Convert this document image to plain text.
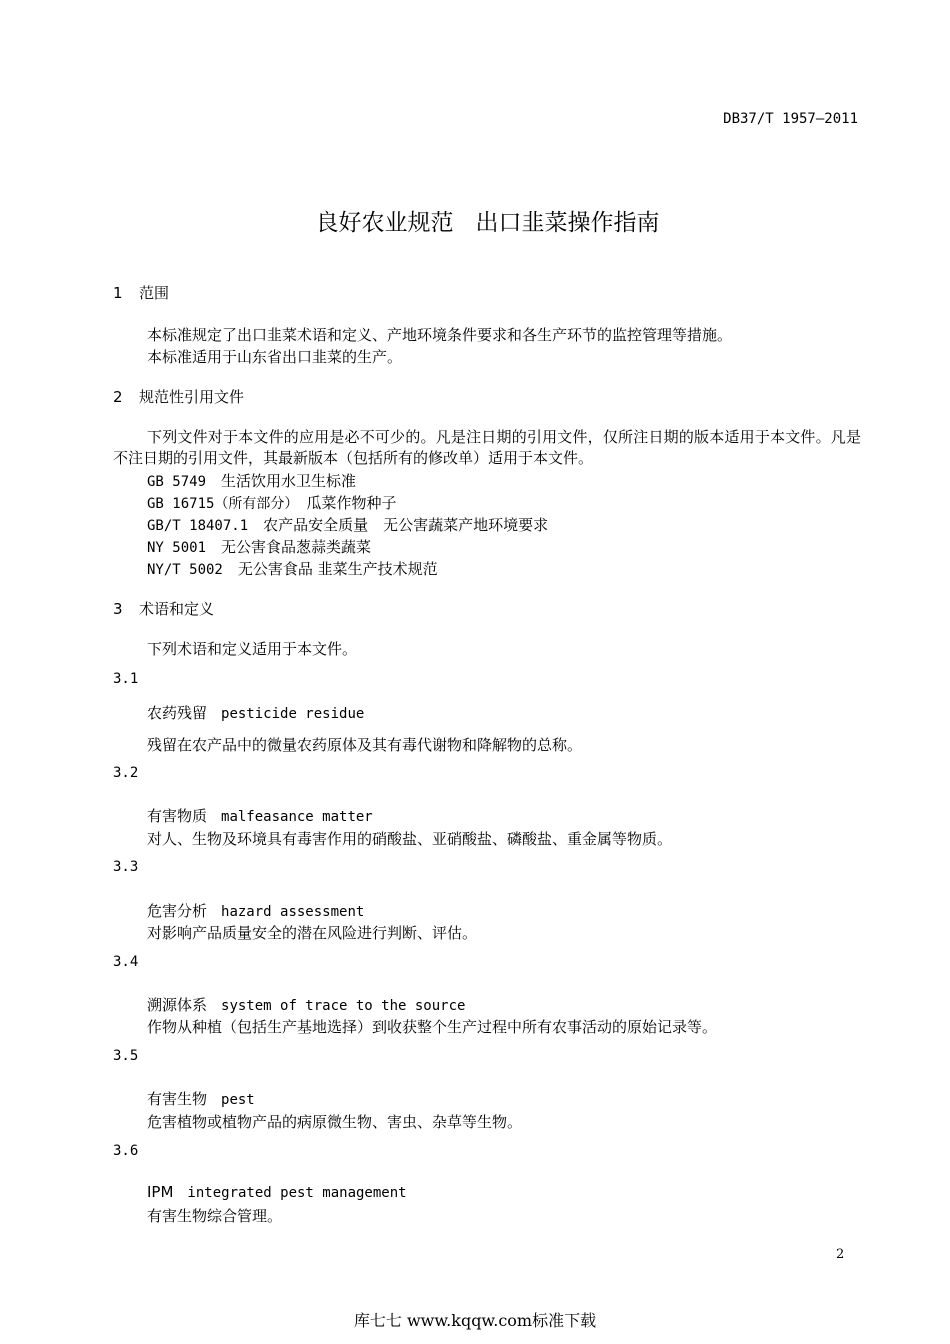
DB37/T 1957—2011
良好农业规范 出口韭菜操作指南
1 范围
本标准规定了出口韭菜术语和定义、产地环境条件要求和各生产环节的监控管理等措施。
本标准适用于山东省出口韭菜的生产。
2 规范性引用文件
下列文件对于本文件的应用是必不可少的。凡是注日期的引用文件，仅所注日期的版本适用于本文件。凡是不注日期的引用文件，其最新版本（包括所有的修改单）适用于本文件。
GB 5749　 生活饮用水卫生标准
GB 16715（所有部分）　 瓜菜作物种子
GB/T 18407.1　 农产品安全质量　无公害蔬菜产地环境要求
NY 5001　 无公害食品葱蒜类蔬菜
NY/T 5002　 无公害食品 韭菜生产技术规范
3 术语和定义
下列术语和定义适用于本文件。
3.1
农药残留 pesticide residue
残留在农产品中的微量农药原体及其有毒代谢物和降解物的总称。
3.2
有害物质 malfeasance matter
对人、生物及环境具有毒害作用的硝酸盐、亚硝酸盐、磷酸盐、重金属等物质。
3.3
危害分析 hazard assessment
对影响产品质量安全的潜在风险进行判断、评估。
3.4
溯源体系 system of trace to the source
作物从种植（包括生产基地选择）到收获整个生产过程中所有农事活动的原始记录等。
3.5
有害生物 pest
危害植物或植物产品的病原微生物、害虫、杂草等生物。
3.6
IPM integrated pest management
有害生物综合管理。
2
库七七 www.kqqw.com标准下载
